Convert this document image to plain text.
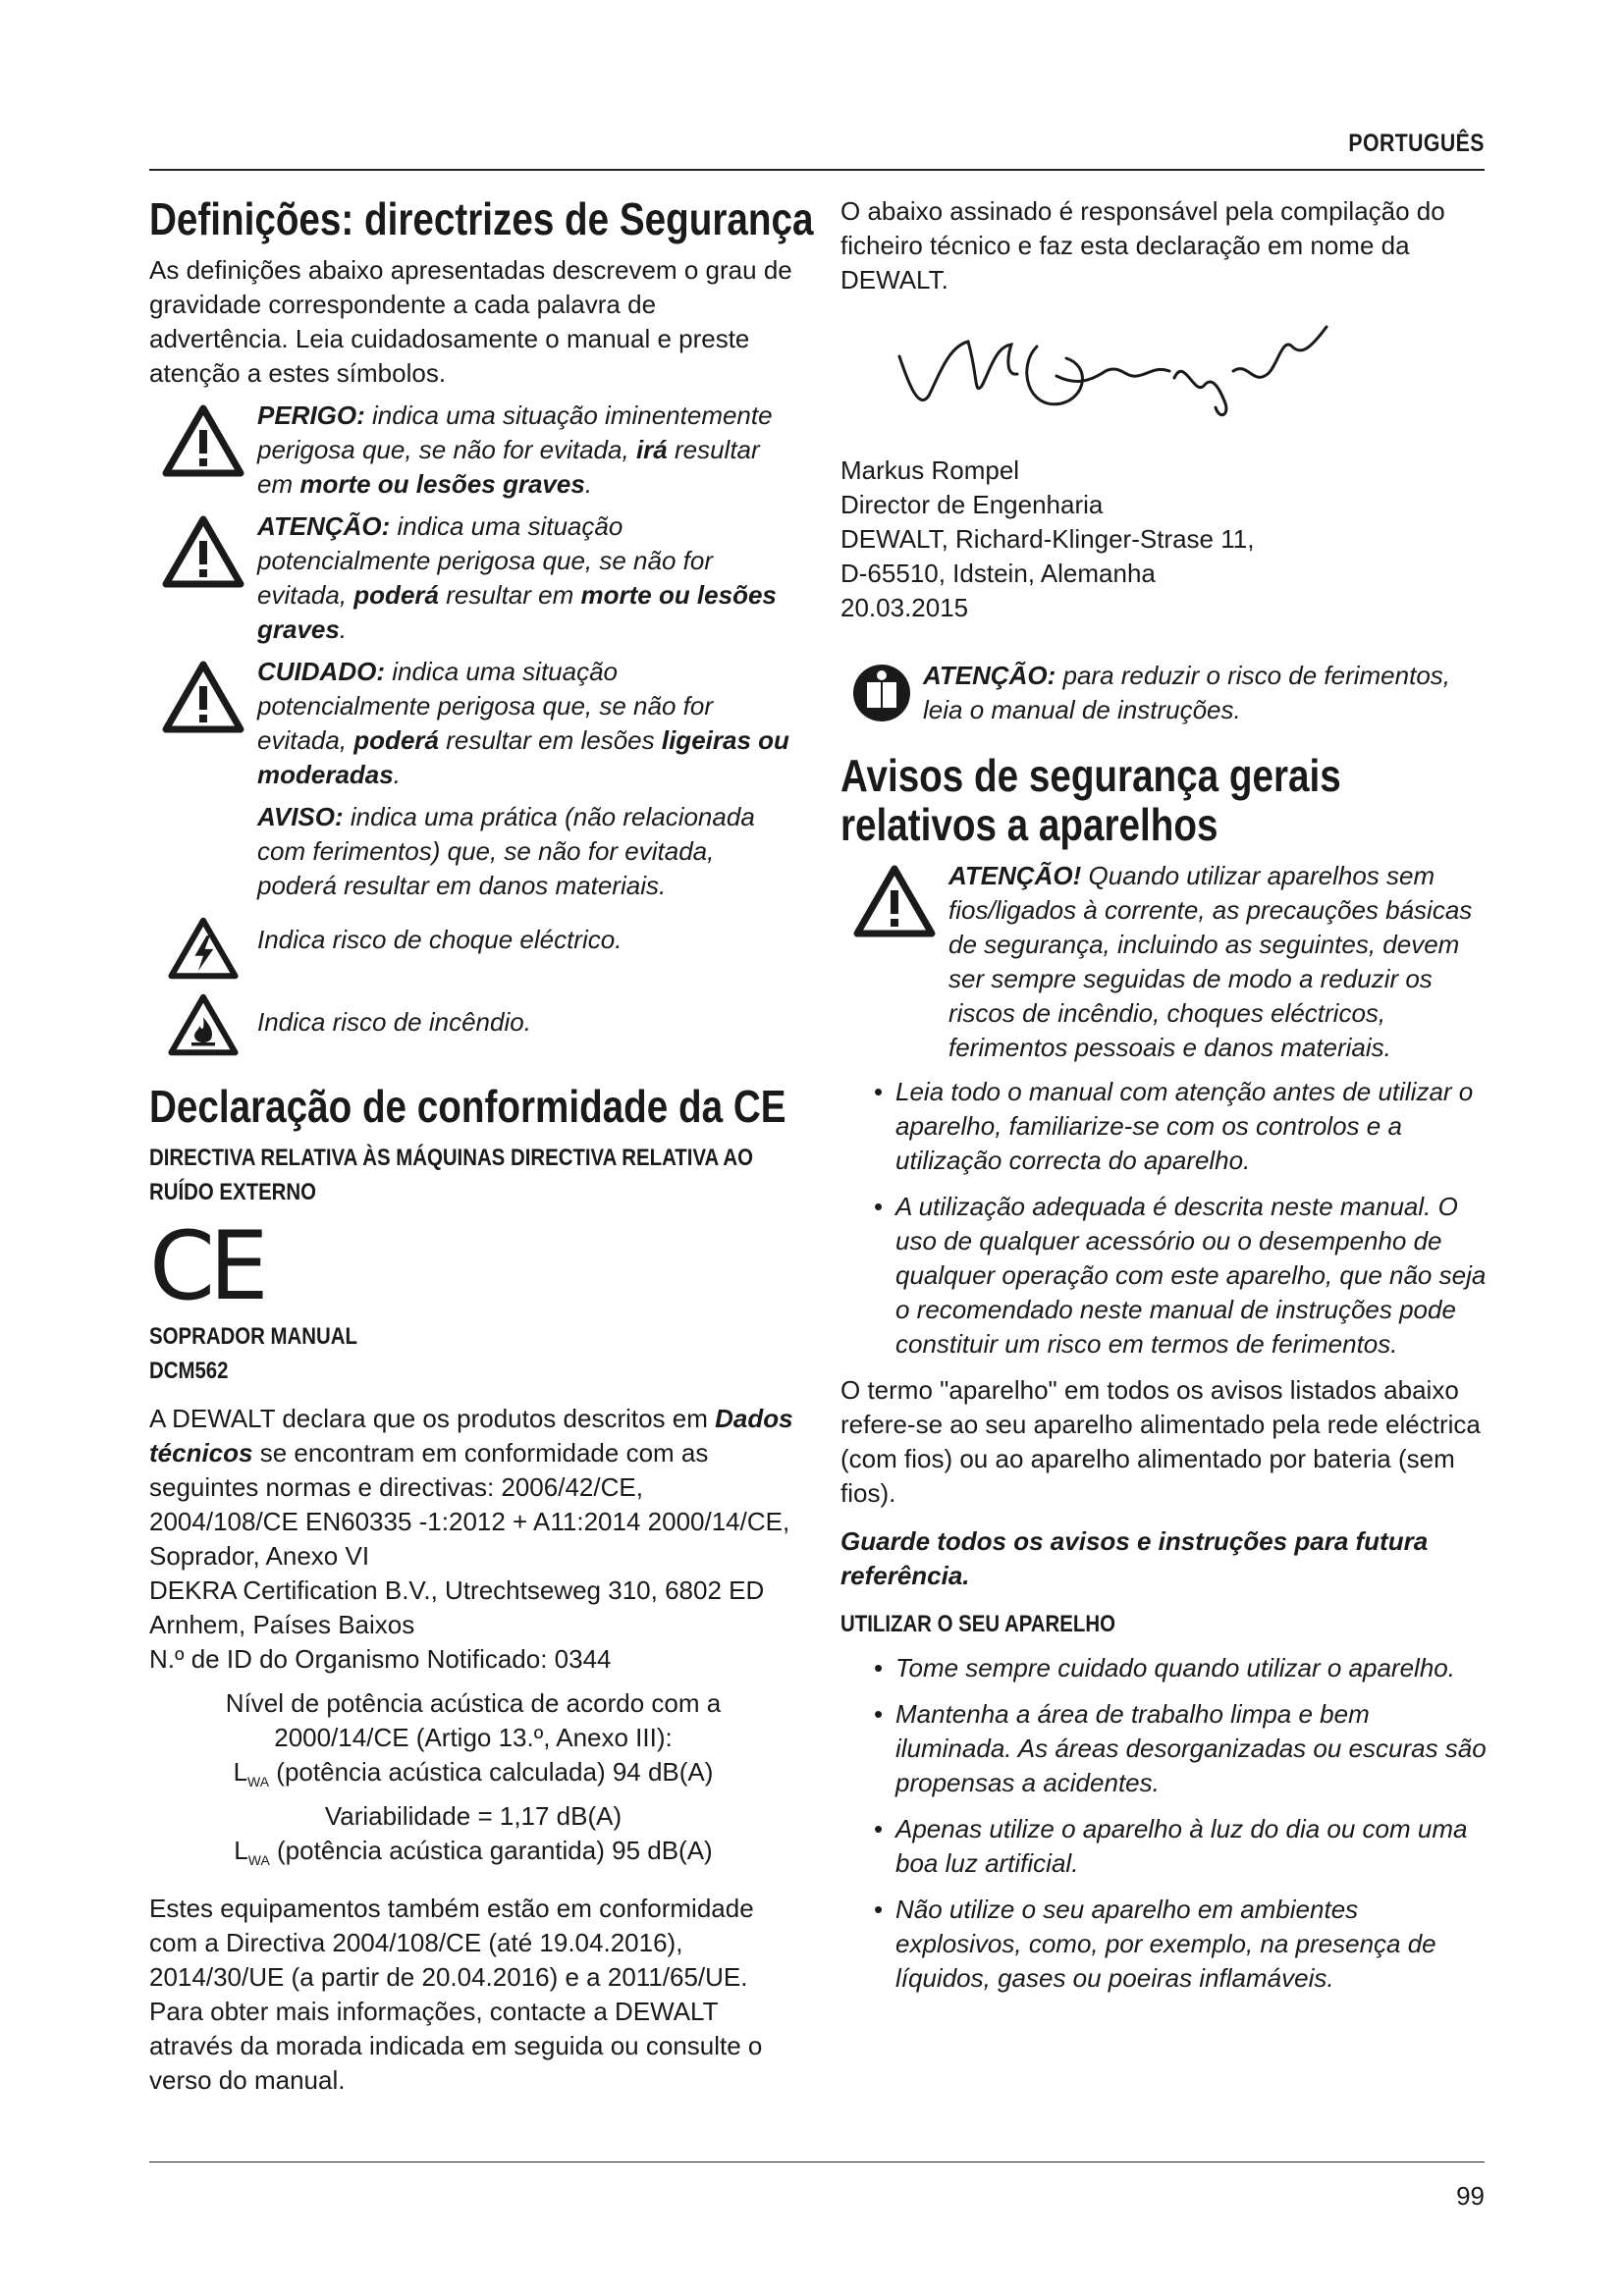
PORTUGUÊS
Definições: directrizes de Segurança

As definições abaixo apresentadas descrevem o grau de gravidade correspondente a cada palavra de advertência. Leia cuidadosamente o manual e preste atenção a estes símbolos.

PERIGO: indica uma situação iminentemente perigosa que, se não for evitada, irá resultar em morte ou lesões graves.
ATENÇÃO: indica uma situação potencialmente perigosa que, se não for evitada, poderá resultar em morte ou lesões graves.
CUIDADO: indica uma situação potencialmente perigosa que, se não for evitada, poderá resultar em lesões ligeiras ou moderadas.
AVISO: indica uma prática (não relacionada com ferimentos) que, se não for evitada, poderá resultar em danos materiais.
Indica risco de choque eléctrico.
Indica risco de incêndio.
Declaração de conformidade da CE

DIRECTIVA RELATIVA ÀS MÁQUINAS DIRECTIVA RELATIVA AO RUÍDO EXTERNO

CE

SOPRADOR MANUAL

DCM562

A DEWALT declara que os produtos descritos em Dados técnicos se encontram em conformidade com as seguintes normas e directivas: 2006/42/CE, 2004/108/CE EN60335 -1:2012 + A11:2014 2000/14/CE, Soprador, Anexo VI

DEKRA Certification B.V., Utrechtseweg 310, 6802 ED Arnhem, Países Baixos

N.º de ID do Organismo Notificado: 0344

Nível de potência acústica de acordo com a 2000/14/CE (Artigo 13.º, Anexo III):

$L_{WA}$ (potência acústica calculada) 94 dB(A)

Variabilidade = 1,17 dB(A)

$L_{WA}$ (potência acústica garantida) 95 dB(A)

Estes equipamentos também estão em conformidade com a Directiva 2004/108/CE (até 19.04.2016), 2014/30/UE (a partir de 20.04.2016) e a 2011/65/UE. Para obter mais informações, contacte a DEWALT através da morada indicada em seguida ou consulte o verso do manual.

O abaixo assinado é responsável pela compilação do ficheiro técnico e faz esta declaração em nome da DEWALT.

Markus Rompel

Director de Engenharia

DEWALT, Richard-Klinger-Strase 11,

D-65510, Idstein, Alemanha

20.03.2015

ATENÇÃO: para reduzir o risco de ferimentos, leia o manual de instruções.
Avisos de segurança gerais relativos a aparelhos
ATENÇÃO! Quando utilizar aparelhos sem fios/ligados à corrente, as precauções básicas de segurança, incluindo as seguintes, devem ser sempre seguidas de modo a reduzir os riscos de incêndio, choques eléctricos, ferimentos pessoais e danos materiais.
• Leia todo o manual com atenção antes de utilizar o aparelho, familiarize-se com os controlos e a utilização correcta do aparelho.
• A utilização adequada é descrita neste manual. O uso de qualquer acessório ou o desempenho de qualquer operação com este aparelho, que não seja o recomendado neste manual de instruções pode constituir um risco em termos de ferimentos.

O termo "aparelho" em todos os avisos listados abaixo refere-se ao seu aparelho alimentado pela rede eléctrica (com fios) ou ao aparelho alimentado por bateria (sem fios).

Guarde todos os avisos e instruções para futura referência.

UTILIZAR O SEU APARELHO

• Tome sempre cuidado quando utilizar o aparelho.
• Mantenha a área de trabalho limpa e bem iluminada. As áreas desorganizadas ou escuras são propensas a acidentes.
• Apenas utilize o aparelho à luz do dia ou com uma boa luz artificial.
• Não utilize o seu aparelho em ambientes explosivos, como, por exemplo, na presença de líquidos, gases ou poeiras inflamáveis.
99
